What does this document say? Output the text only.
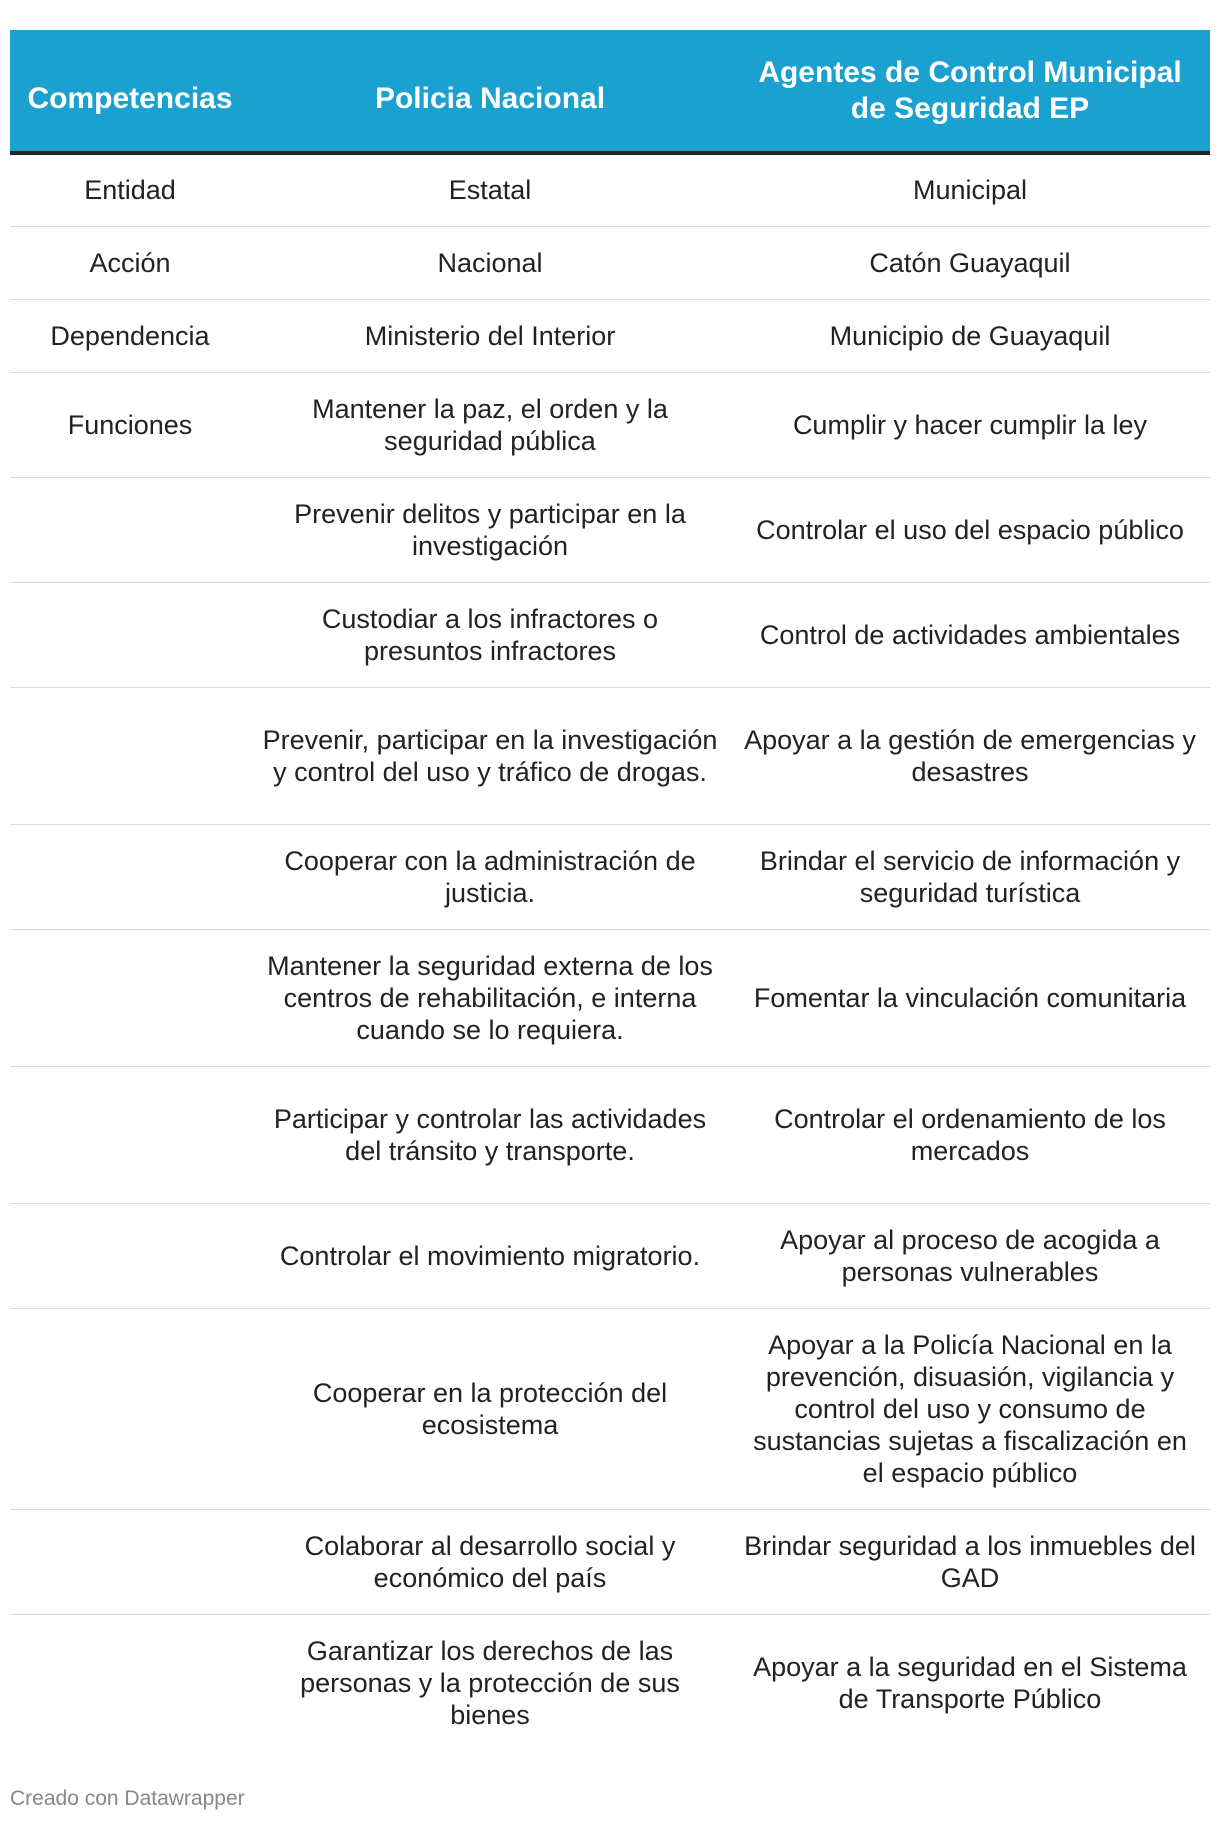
Competencias	Policia Nacional	Agentes de Control Municipal de Seguridad EP
Entidad	Estatal	Municipal
Acción	Nacional	Catón Guayaquil
Dependencia	Ministerio del Interior	Municipio de Guayaquil
Funciones	Mantener la paz, el orden y la seguridad pública	Cumplir y hacer cumplir la ley
	Prevenir delitos y participar en la investigación	Controlar el uso del espacio público
	Custodiar a los infractores o presuntos infractores	Control de actividades ambientales
	Prevenir, participar en la investigación y control del uso y tráfico de drogas.	Apoyar a la gestión de emergencias y desastres
	Cooperar con la administración de justicia.	Brindar el servicio de información y seguridad turística
	Mantener la seguridad externa de los centros de rehabilitación, e interna cuando se lo requiera.	Fomentar la vinculación comunitaria
	Participar y controlar las actividades del tránsito y transporte.	Controlar el ordenamiento de los mercados
	Controlar el movimiento migratorio.	Apoyar al proceso de acogida a personas vulnerables
	Cooperar en la protección del ecosistema	Apoyar a la Policía Nacional en la prevención, disuasión, vigilancia y control del uso y consumo de sustancias sujetas a fiscalización en el espacio público
	Colaborar al desarrollo social y económico del país	Brindar seguridad a los inmuebles del GAD
	Garantizar los derechos de las personas y la protección de sus bienes	Apoyar a la seguridad en el Sistema de Transporte Público
Creado con Datawrapper
